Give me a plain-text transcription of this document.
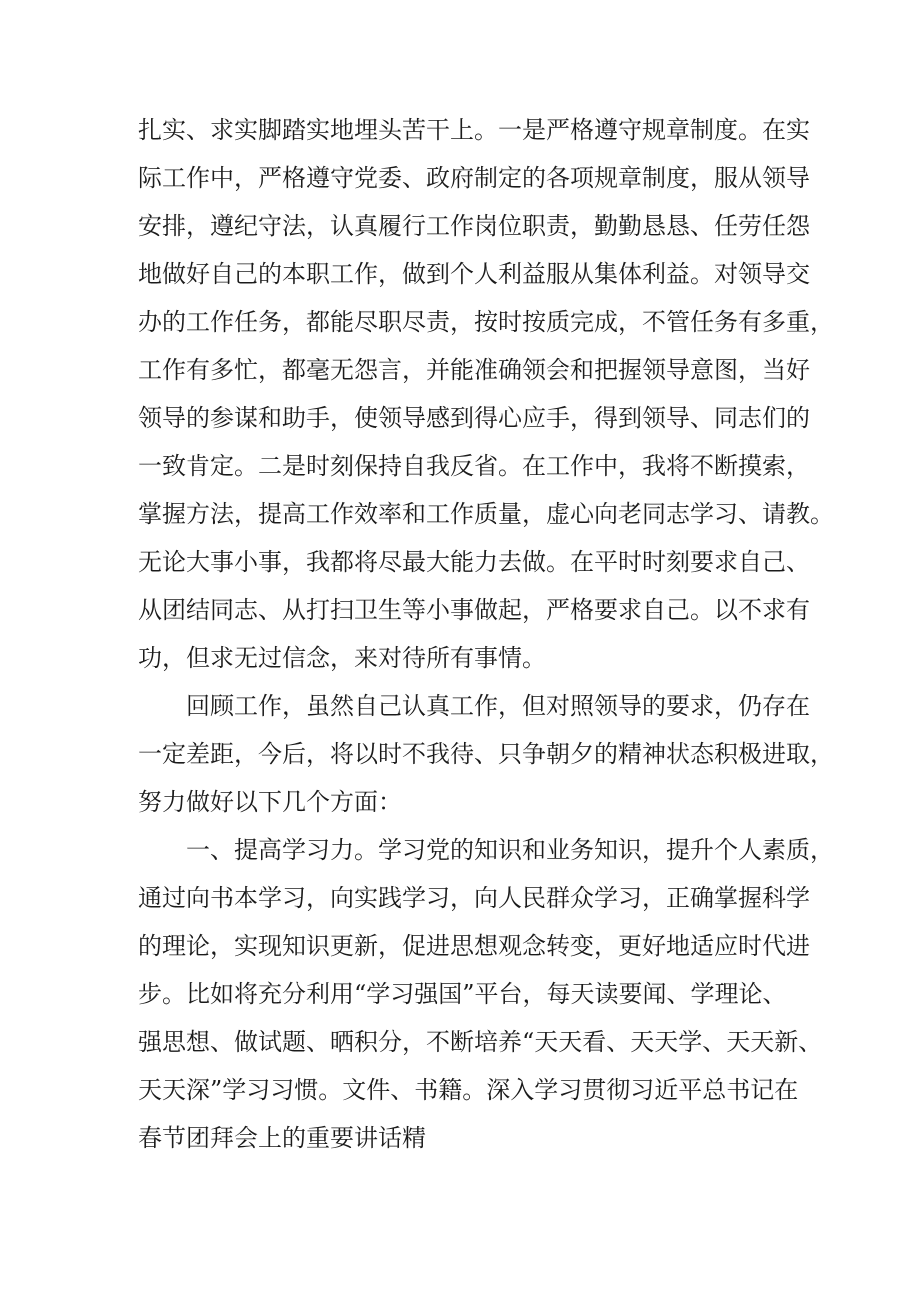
扎实、求实脚踏实地埋头苦干上。一是严格遵守规章制度。在实
际工作中，严格遵守党委、政府制定的各项规章制度，服从领导
安排，遵纪守法，认真履行工作岗位职责，勤勤恳恳、任劳任怨
地做好自己的本职工作，做到个人利益服从集体利益。对领导交
办的工作任务，都能尽职尽责，按时按质完成，不管任务有多重，
工作有多忙，都毫无怨言，并能准确领会和把握领导意图，当好
领导的参谋和助手，使领导感到得心应手，得到领导、同志们的
一致肯定。二是时刻保持自我反省。在工作中，我将不断摸索，
掌握方法，提高工作效率和工作质量，虚心向老同志学习、请教。
无论大事小事，我都将尽最大能力去做。在平时时刻要求自己、
从团结同志、从打扫卫生等小事做起，严格要求自己。以不求有
功，但求无过信念，来对待所有事情。
回顾工作，虽然自己认真工作，但对照领导的要求，仍存在
一定差距，今后，将以时不我待、只争朝夕的精神状态积极进取，
努力做好以下几个方面：
一、提高学习力。学习党的知识和业务知识，提升个人素质，
通过向书本学习，向实践学习，向人民群众学习，正确掌握科学
的理论，实现知识更新，促进思想观念转变，更好地适应时代进
步。比如将充分利用“学习强国”平台，每天读要闻、学理论、
强思想、做试题、晒积分，不断培养“天天看、天天学、天天新、
天天深”学习习惯。文件、书籍。深入学习贯彻习近平总书记在
春节团拜会上的重要讲话精
